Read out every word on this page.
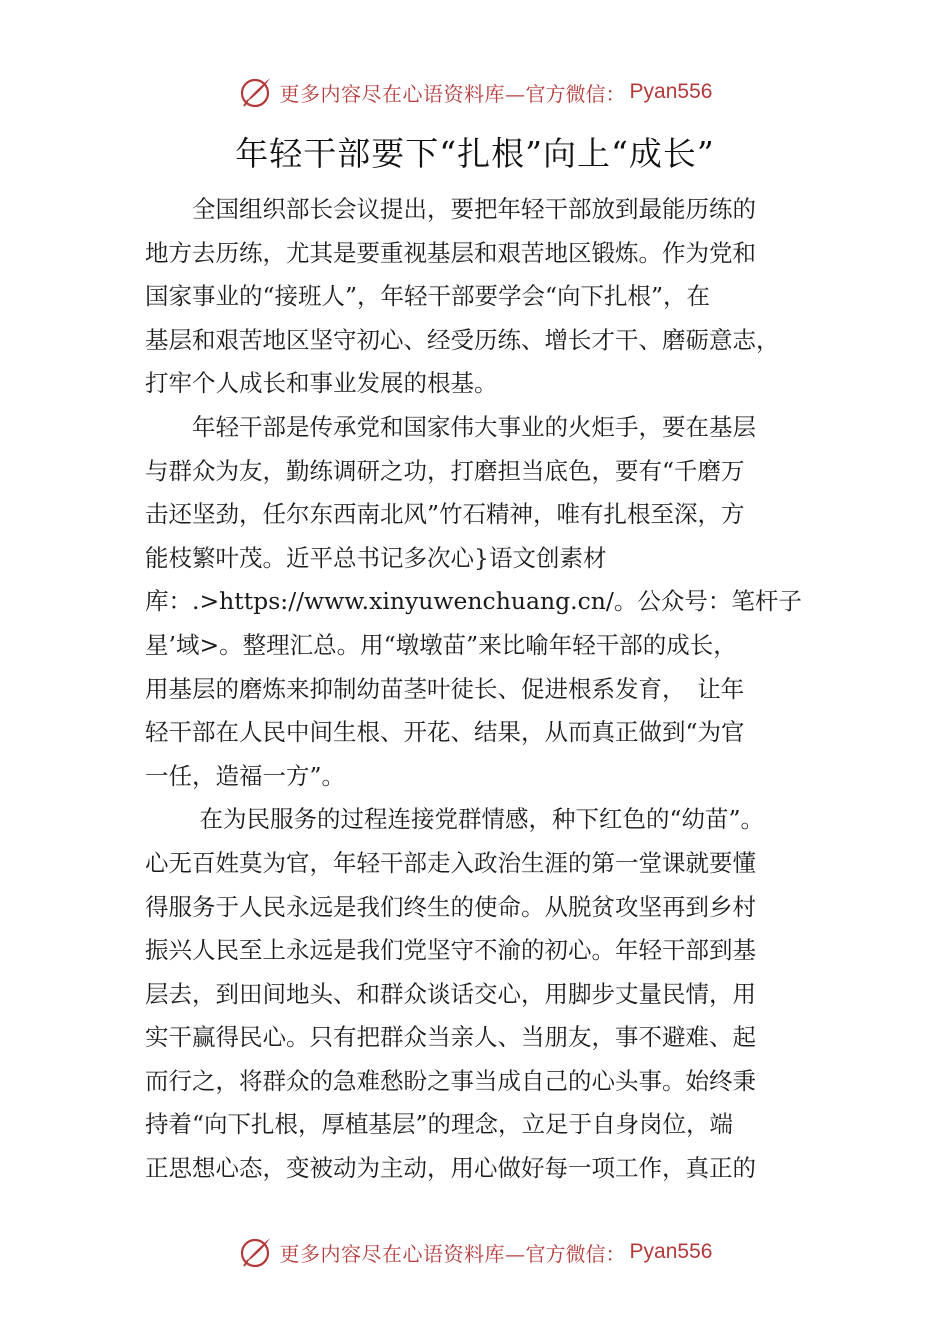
更多内容尽在心语资料库— 官方微信： Pyan556
年轻干部要下“扎根”向上“成长”
　　全国组织部长会议提出，要把年轻干部放到最能历练的
地方去历练，尤其是要重视基层和艰苦地区锻炼。作为党和
国家事业的“接班人”，年轻干部要学会“向下扎根”，在
基层和艰苦地区坚守初心、经受历练、增长才干、磨砺意志，
打牢个人成长和事业发展的根基。
　　年轻干部是传承党和国家伟大事业的火炬手，要在基层
与群众为友，勤练调研之功，打磨担当底色，要有“千磨万
击还坚劲，任尔东西南北风”竹石精神，唯有扎根至深，方
能枝繁叶茂。近平总书记多次心}语文创素材
库：.>https://www.xinyuwenchuang.cn/。公众号：笔杆子
星’域>。整理汇总。用“墩墩苗”来比喻年轻干部的成长，
用基层的磨炼来抑制幼苗茎叶徒长、促进根系发育，　让年
轻干部在人民中间生根、开花、结果，从而真正做到“为官
一任，造福一方”。
　　 在为民服务的过程连接党群情感，种下红色的“幼苗”。
心无百姓莫为官，年轻干部走入政治生涯的第一堂课就要懂
得服务于人民永远是我们终生的使命。从脱贫攻坚再到乡村
振兴人民至上永远是我们党坚守不渝的初心。年轻干部到基
层去，到田间地头、和群众谈话交心，用脚步丈量民情，用
实干赢得民心。只有把群众当亲人、当朋友，事不避难、起
而行之，将群众的急难愁盼之事当成自己的心头事。始终秉
持着“向下扎根，厚植基层”的理念，立足于自身岗位，端
正思想心态，变被动为主动，用心做好每一项工作，真正的
更多内容尽在心语资料库— 官方微信： Pyan556
